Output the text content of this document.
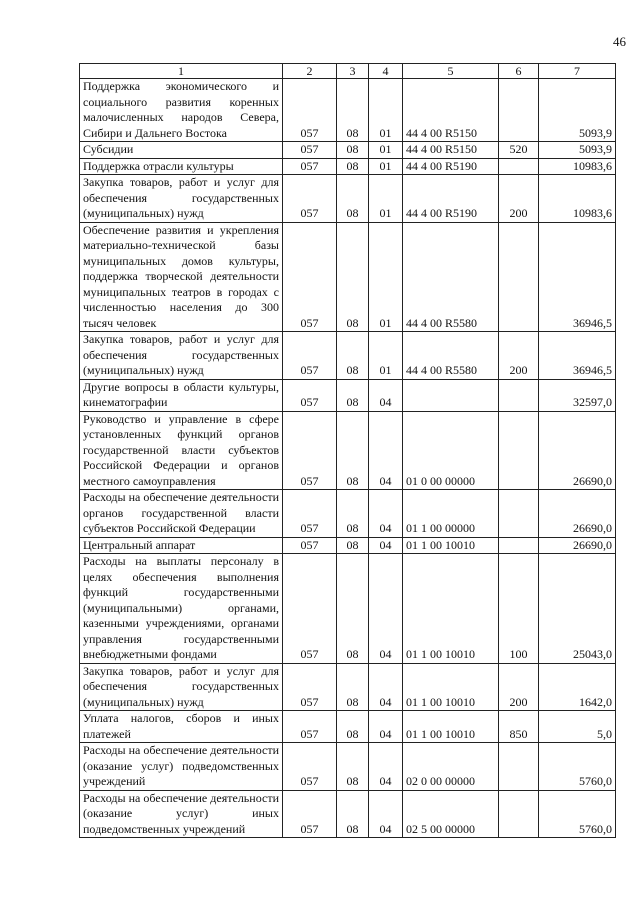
46
1	2	3	4	5	6	7
Поддержка экономического и социального развития коренных малочисленных народов Севера, Сибири и Дальнего Востока	057	08	01	44 4 00 R5150		5093,9
Субсидии	057	08	01	44 4 00 R5150	520	5093,9
Поддержка отрасли культуры	057	08	01	44 4 00 R5190		10983,6
Закупка товаров, работ и услуг для обеспечения государственных (муниципальных) нужд	057	08	01	44 4 00 R5190	200	10983,6
Обеспечение развития и укрепления материально-технической базы муниципальных домов культуры, поддержка творческой деятельности муниципальных театров в городах с численностью населения до 300 тысяч человек	057	08	01	44 4 00 R5580		36946,5
Закупка товаров, работ и услуг для обеспечения государственных (муниципальных) нужд	057	08	01	44 4 00 R5580	200	36946,5
Другие вопросы в области культуры, кинематографии	057	08	04			32597,0
Руководство и управление в сфере установленных функций органов государственной власти субъектов Российской Федерации и органов местного самоуправления	057	08	04	01 0 00 00000		26690,0
Расходы на обеспечение деятельности органов государственной власти субъектов Российской Федерации	057	08	04	01 1 00 00000		26690,0
Центральный аппарат	057	08	04	01 1 00 10010		26690,0
Расходы на выплаты персоналу в целях обеспечения выполнения функций государственными (муниципальными) органами, казенными учреждениями, органами управления государственными внебюджетными фондами	057	08	04	01 1 00 10010	100	25043,0
Закупка товаров, работ и услуг для обеспечения государственных (муниципальных) нужд	057	08	04	01 1 00 10010	200	1642,0
Уплата налогов, сборов и иных платежей	057	08	04	01 1 00 10010	850	5,0
Расходы на обеспечение деятельности (оказание услуг) подведомственных учреждений	057	08	04	02 0 00 00000		5760,0
Расходы на обеспечение деятельности (оказание услуг) иных подведомственных учреждений	057	08	04	02 5 00 00000		5760,0
